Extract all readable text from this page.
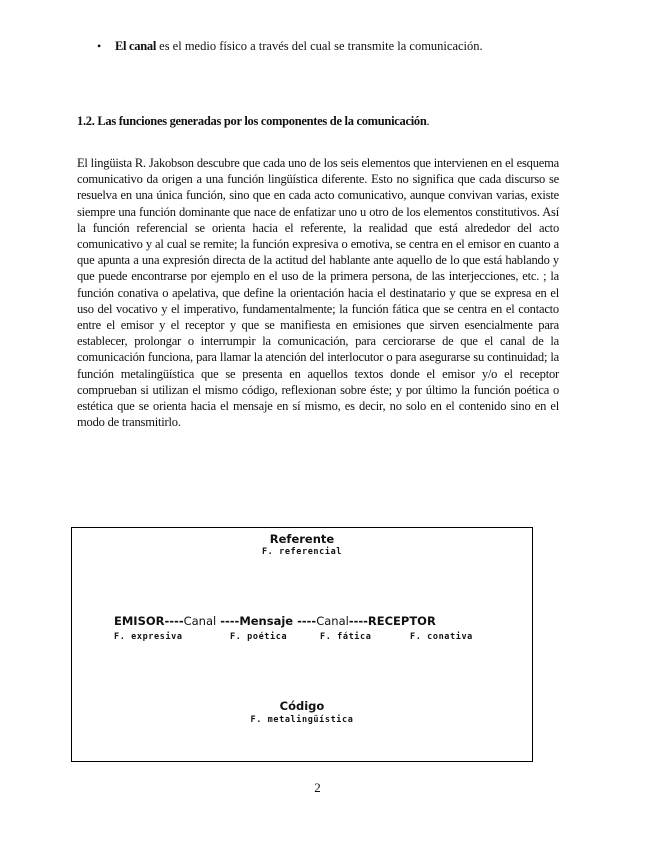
• El canal es el medio físico a través del cual se transmite la comunicación.
1.2. Las funciones generadas por los componentes de la comunicación.
El lingüista R. Jakobson descubre que cada uno de los seis elementos que intervienen en el esquema comunicativo da origen a una función lingüística diferente. Esto no significa que cada discurso se resuelva en una única función, sino que en cada acto comunicativo, aunque convivan varias, existe siempre una función dominante que nace de enfatizar uno u otro de los elementos constitutivos. Así la función referencial se orienta hacia el referente, la realidad que está alrededor del acto comunicativo y al cual se remite; la función expresiva o emotiva, se centra en el emisor en cuanto a que apunta a una expresión directa de la actitud del hablante ante aquello de lo que está hablando y que puede encontrarse por ejemplo en el uso de la primera persona, de las interjecciones, etc. ; la función conativa o apelativa, que define la orientación hacia el destinatario y que se expresa en el uso del vocativo y el imperativo, fundamentalmente; la función fática que se centra en el contacto entre el emisor y el receptor y que se manifiesta en emisiones que sirven esencialmente para establecer, prolongar o interrumpir la comunicación, para cerciorarse de que el canal de la comunicación funciona, para llamar la atención del interlocutor o para asegurarse su continuidad; la función metalingüística que se presenta en aquellos textos donde el emisor y/o el receptor comprueban si utilizan el mismo código, reflexionan sobre éste; y por último la función poética o estética que se orienta hacia el mensaje en sí mismo, es decir, no solo en el contenido sino en el modo de transmitirlo.
Referente
F. referencial
EMISOR----Canal ----Mensaje ----Canal----RECEPTOR
F. expresiva	F. poética	F. fática	F. conativa
Código
F. metalingüística
2
